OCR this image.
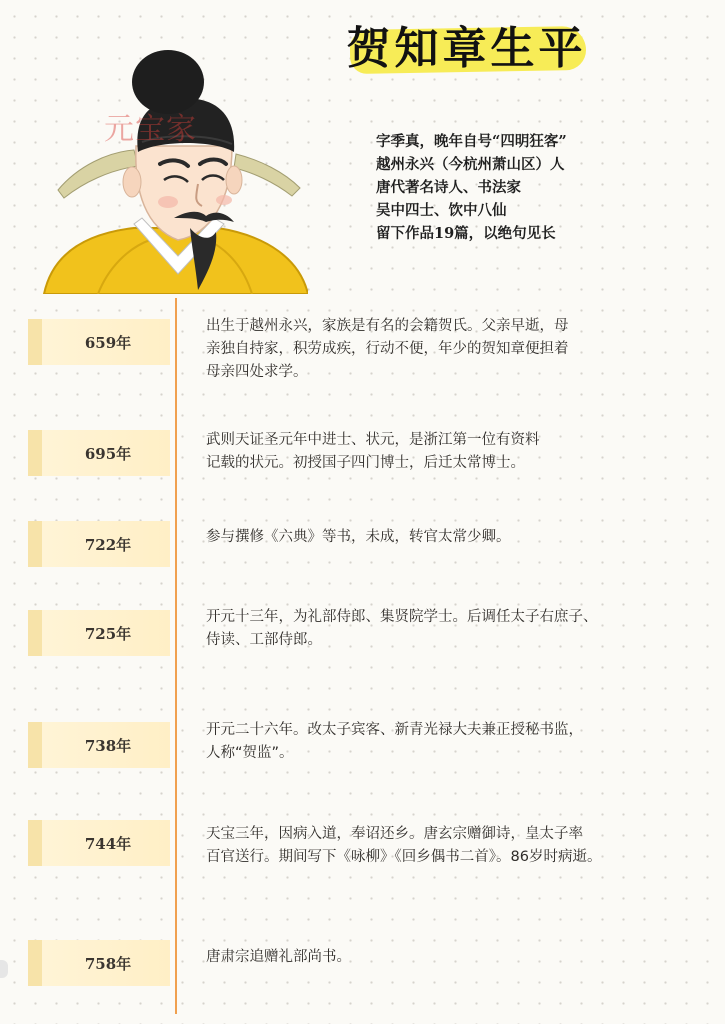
贺知章生平
元宝家	字季真，晚年自号“四明狂客”
越州永兴（今杭州萧山区）人
唐代著名诗人、书法家
吴中四士、饮中八仙
留下作品19篇，以绝句见长
659年
出生于越州永兴，家族是有名的会籍贺氏。父亲早逝，母
亲独自持家，积劳成疾，行动不便，年少的贺知章便担着
母亲四处求学。
695年
武则天证圣元年中进士、状元，是浙江第一位有资料
记载的状元。初授国子四门博士，后迁太常博士。
722年	参与撰修《六典》等书，未成，转官太常少卿。
725年
开元十三年，为礼部侍郎、集贤院学士。后调任太子右庶子、
侍读、工部侍郎。
738年
开元二十六年。改太子宾客、新青光禄大夫兼正授秘书监，
人称“贺监”。
744年
天宝三年，因病入道，奉诏还乡。唐玄宗赠御诗，皇太子率
百官送行。期间写下《咏柳》《回乡偶书二首》。86岁时病逝。
758年	唐肃宗追赠礼部尚书。
